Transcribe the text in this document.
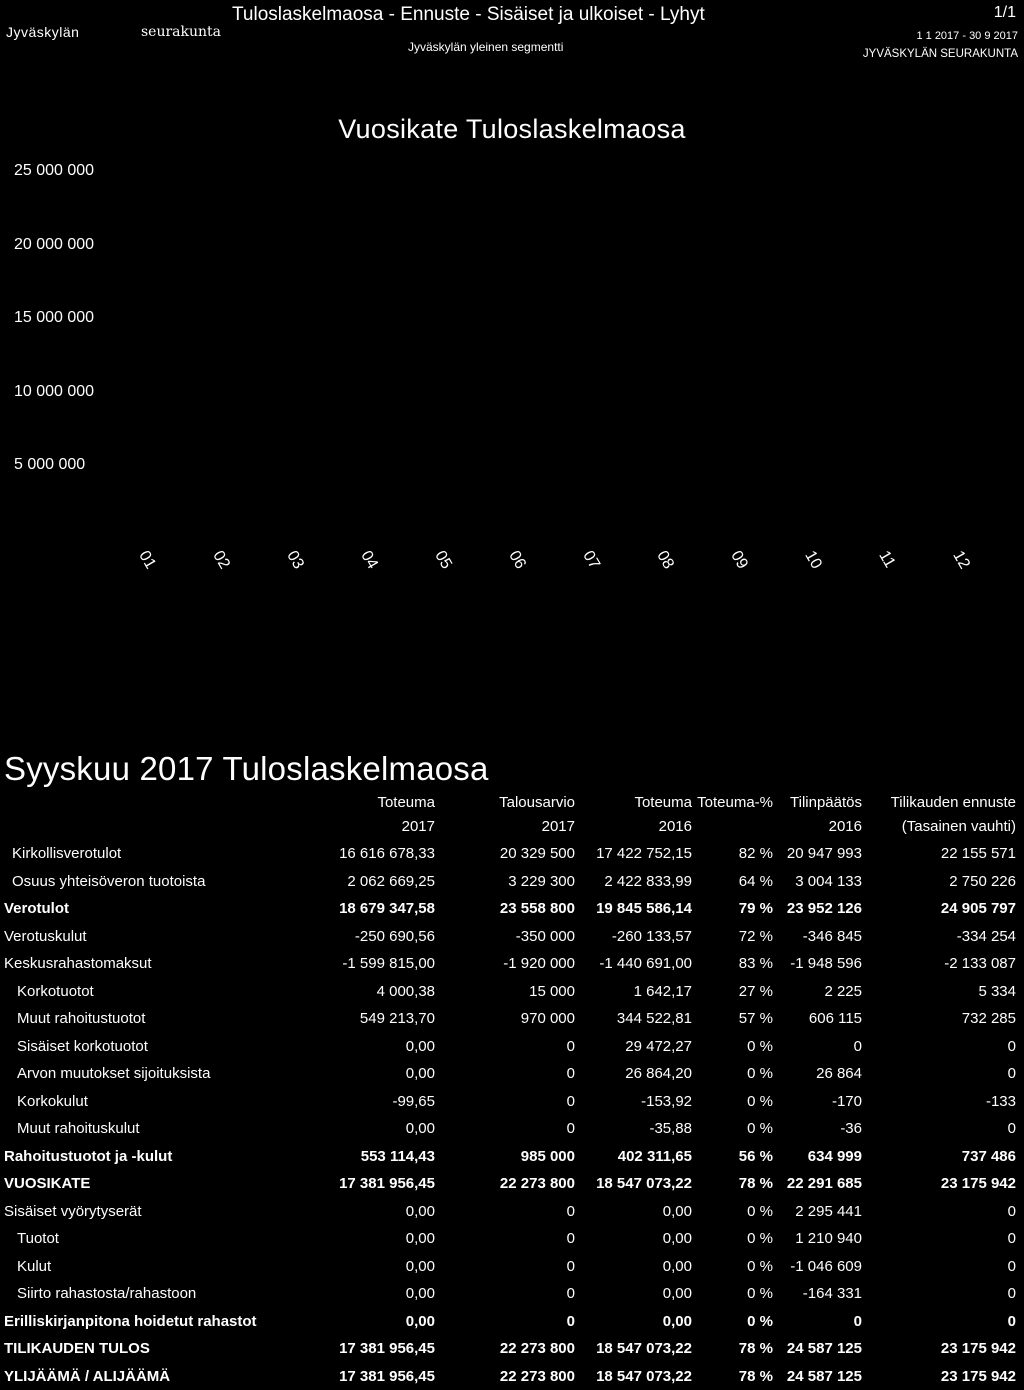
Jyväskylän	seurakunta
Tuloslaskelmaosa - Ennuste - Sisäiset ja ulkoiset - Lyhyt
Jyväskylän yleinen segmentti
1/1
1 1 2017 - 30 9 2017
JYVÄSKYLÄN SEURAKUNTA
Vuosikate Tuloslaskelmaosa
25 000 000
20 000 000
15 000 000
10 000 000
5 000 000
01	02	03	04	05	06	07	08	09	10	11	12
Syyskuu 2017 Tuloslaskelmaosa
	Toteuma	Talousarvio	Toteuma	Toteuma-%	Tilinpäätös	Tilikauden ennuste
	2017	2017	2016		2016	(Tasainen vauhti)
Kirkollisverotulot	16 616 678,33	20 329 500	17 422 752,15	82 %	20 947 993	22 155 571
Osuus yhteisöveron tuotoista	2 062 669,25	3 229 300	2 422 833,99	64 %	3 004 133	2 750 226
Verotulot	18 679 347,58	23 558 800	19 845 586,14	79 %	23 952 126	24 905 797
Verotuskulut	-250 690,56	-350 000	-260 133,57	72 %	-346 845	-334 254
Keskusrahastomaksut	-1 599 815,00	-1 920 000	-1 440 691,00	83 %	-1 948 596	-2 133 087
Korkotuotot	4 000,38	15 000	1 642,17	27 %	2 225	5 334
Muut rahoitustuotot	549 213,70	970 000	344 522,81	57 %	606 115	732 285
Sisäiset korkotuotot	0,00	0	29 472,27	0 %	0	0
Arvon muutokset sijoituksista	0,00	0	26 864,20	0 %	26 864	0
Korkokulut	-99,65	0	-153,92	0 %	-170	-133
Muut rahoituskulut	0,00	0	-35,88	0 %	-36	0
Rahoitustuotot ja -kulut	553 114,43	985 000	402 311,65	56 %	634 999	737 486
VUOSIKATE	17 381 956,45	22 273 800	18 547 073,22	78 %	22 291 685	23 175 942
Sisäiset vyörytyserät	0,00	0	0,00	0 %	2 295 441	0
Tuotot	0,00	0	0,00	0 %	1 210 940	0
Kulut	0,00	0	0,00	0 %	-1 046 609	0
Siirto rahastosta/rahastoon	0,00	0	0,00	0 %	-164 331	0
Erilliskirjanpitona hoidetut rahastot	0,00	0	0,00	0 %	0	0
TILIKAUDEN TULOS	17 381 956,45	22 273 800	18 547 073,22	78 %	24 587 125	23 175 942
YLIJÄÄMÄ / ALIJÄÄMÄ	17 381 956,45	22 273 800	18 547 073,22	78 %	24 587 125	23 175 942
